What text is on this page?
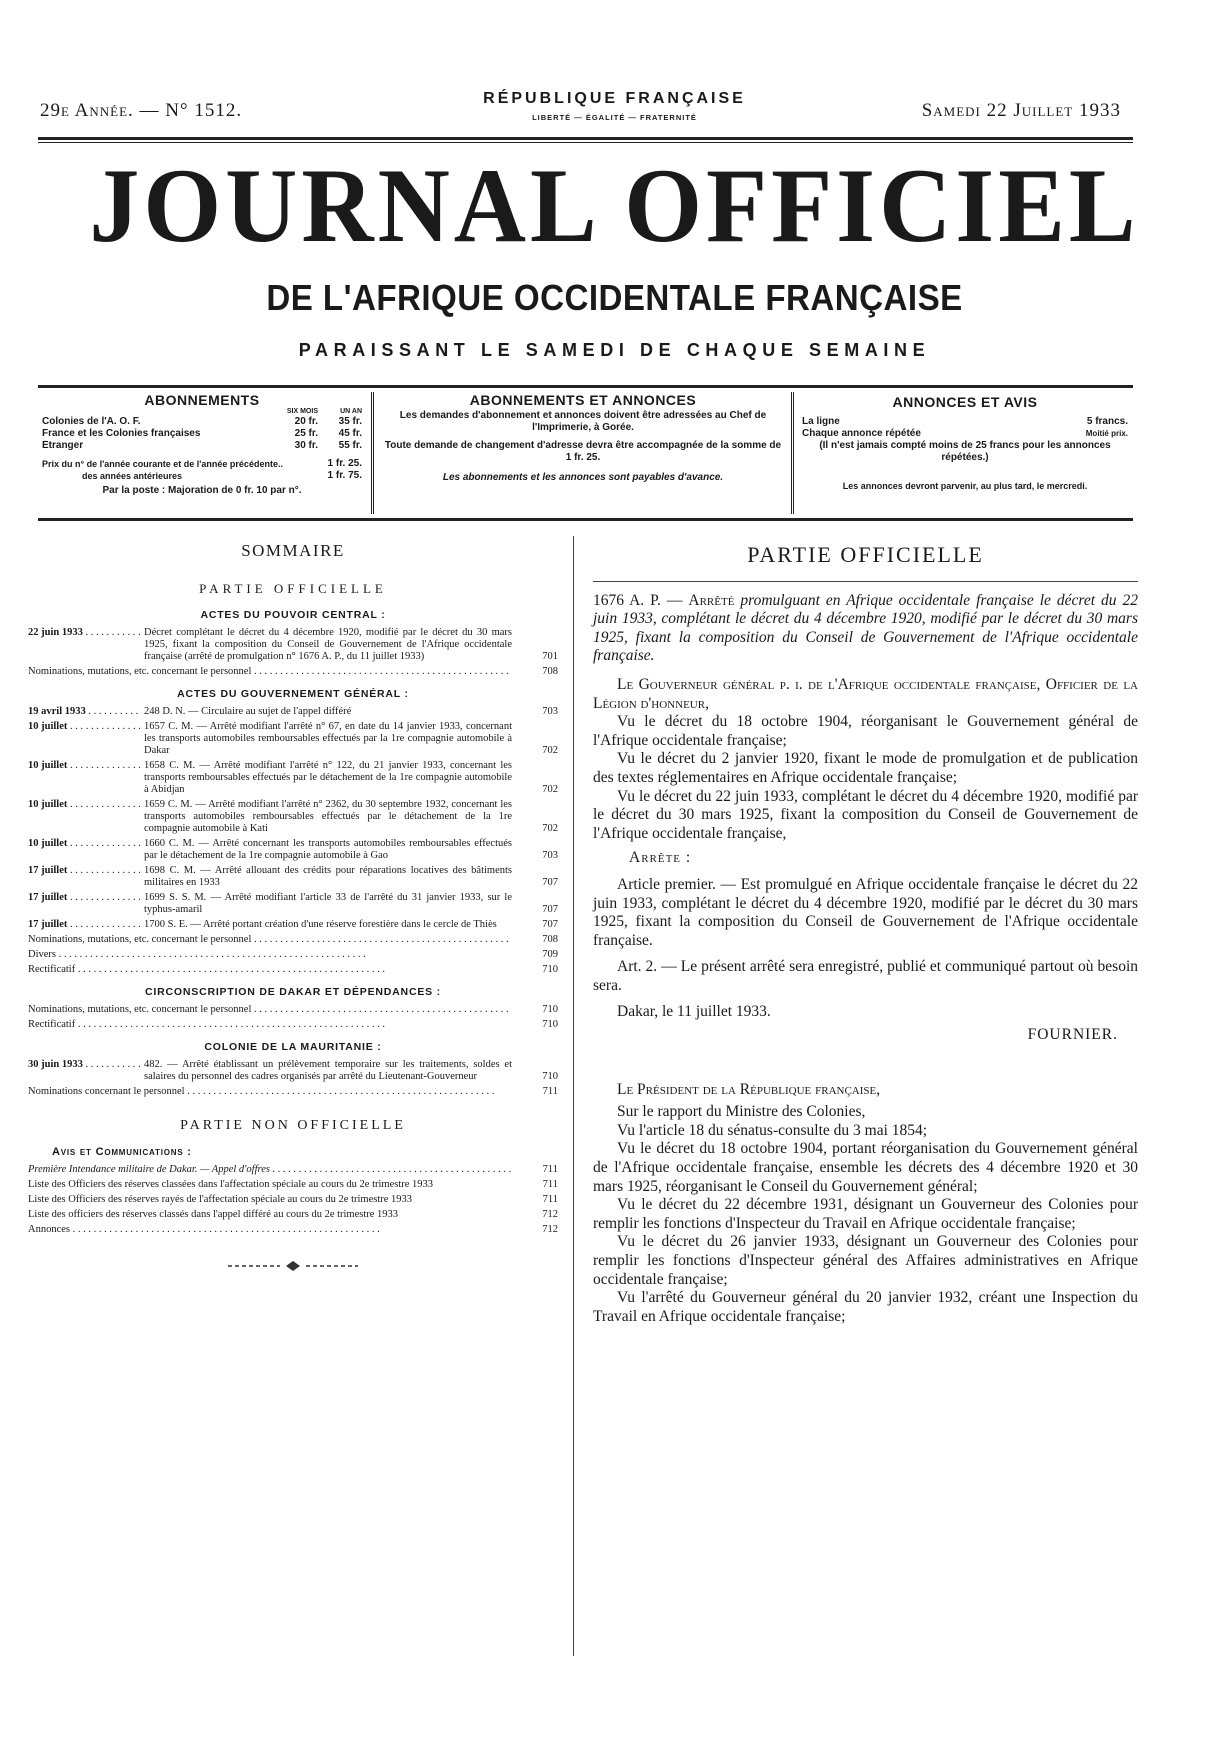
29e Année. — N° 1512.
RÉPUBLIQUE FRANÇAISE
LIBERTÉ — ÉGALITÉ — FRATERNITÉ	Samedi 22 Juillet 1933
JOURNAL OFFICIEL
DE L'AFRIQUE OCCIDENTALE FRANÇAISE
PARAISSANT LE SAMEDI DE CHAQUE SEMAINE
ABONNEMENTS
SIX MOIS	UN AN
Colonies de l'A. O. F.	20 fr.	35 fr.
France et les Colonies françaises	25 fr.	45 fr.
Étranger	30 fr.	55 fr.
Prix du n° de l'année courante et de l'année précédente..	1 fr. 25.
des années antérieures	1 fr. 75.
Par la poste : Majoration de 0 fr. 10 par n°.
ABONNEMENTS ET ANNONCES

Les demandes d'abonnement et annonces doivent être adressées au Chef de l'Imprimerie, à Gorée.

Toute demande de changement d'adresse devra être accompagnée de la somme de 1 fr. 25.

Les abonnements et les annonces sont payables d'avance.
ANNONCES ET AVIS
La ligne	5 francs.
Chaque annonce répétée	Moitié prix.
(Il n'est jamais compté moins de 25 francs pour les annonces répétées.)
Les annonces devront parvenir, au plus tard, le mercredi.
SOMMAIRE
PARTIE OFFICIELLE
ACTES DU POUVOIR CENTRAL :
22 juin 1933 . . .	Décret complétant le décret du 4 décembre 1920, modifié par le décret du 30 mars 1925, fixant la composition du Conseil de Gouvernement de l'Afrique occidentale française (arrêté de promulgation n° 1676 A. P., du 11 juillet 1933)	701
Nominations, mutations, etc. concernant le personnel . . .	708
ACTES DU GOUVERNEMENT GÉNÉRAL :
19 avril 1933 . . .	248 D. N. — Circulaire au sujet de l'appel différé	703
10 juillet . . .	1657 C. M. — Arrêté modifiant l'arrêté n° 67, en date du 14 janvier 1933, concernant les transports automobiles remboursables effectués par la 1re compagnie automobile à Dakar	702
10 juillet . . .	1658 C. M. — Arrêté modifiant l'arrêté n° 122, du 21 janvier 1933, concernant les transports remboursables effectués par le détachement de la 1re compagnie automobile à Abidjan	702
10 juillet . . .	1659 C. M. — Arrêté modifiant l'arrêté n° 2362, du 30 septembre 1932, concernant les transports automobiles remboursables effectués par le détachement de la 1re compagnie automobile à Kati	702
10 juillet . . .	1660 C. M. — Arrêté concernant les transports automobiles remboursables effectués par le détachement de la 1re compagnie automobile à Gao	703
17 juillet . . .	1698 C. M. — Arrêté allouant des crédits pour réparations locatives des bâtiments militaires en 1933	707
17 juillet . . .	1699 S. S. M. — Arrêté modifiant l'article 33 de l'arrêté du 31 janvier 1933, sur le typhus-amaril	707
17 juillet . . .	1700 S. E. — Arrêté portant création d'une réserve forestière dans le cercle de Thiès	707
Nominations, mutations, etc. concernant le personnel . . .	708
Divers . . .	709
Rectificatif . . .	710
CIRCONSCRIPTION DE DAKAR ET DÉPENDANCES :
Nominations, mutations, etc. concernant le personnel . . .	710
Rectificatif . . .	710
COLONIE DE LA MAURITANIE :
30 juin 1933 . . .	482. — Arrêté établissant un prélèvement temporaire sur les traitements, soldes et salaires du personnel des cadres organisés par arrêté du Lieutenant-Gouverneur	710
Nominations concernant le personnel . . .	711
PARTIE NON OFFICIELLE
Avis et Communications :
Première Intendance militaire de Dakar. — Appel d'offres . . .	711
Liste des Officiers des réserves classées dans l'affectation spéciale au cours du 2e trimestre 1933	711
Liste des Officiers des réserves rayés de l'affectation spéciale au cours du 2e trimestre 1933	711
Liste des officiers des réserves classés dans l'appel différé au cours du 2e trimestre 1933	712
Annonces . . .	712
PARTIE OFFICIELLE

1676 A. P. — Arrêté promulguant en Afrique occidentale française le décret du 22 juin 1933, complétant le décret du 4 décembre 1920, modifié par le décret du 30 mars 1925, fixant la composition du Conseil de Gouvernement de l'Afrique occidentale française.

Le Gouverneur général p. i. de l'Afrique occidentale française, Officier de la Légion d'honneur,

Vu le décret du 18 octobre 1904, réorganisant le Gouvernement général de l'Afrique occidentale française;

Vu le décret du 2 janvier 1920, fixant le mode de promulgation et de publication des textes réglementaires en Afrique occidentale française;

Vu le décret du 22 juin 1933, complétant le décret du 4 décembre 1920, modifié par le décret du 30 mars 1925, fixant la composition du Conseil de Gouvernement de l'Afrique occidentale française,

Arrête :

Article premier. — Est promulgué en Afrique occidentale française le décret du 22 juin 1933, complétant le décret du 4 décembre 1920, modifié par le décret du 30 mars 1925, fixant la composition du Conseil de Gouvernement de l'Afrique occidentale française.

Art. 2. — Le présent arrêté sera enregistré, publié et communiqué partout où besoin sera.

Dakar, le 11 juillet 1933.

FOURNIER.

Le Président de la République française,

Sur le rapport du Ministre des Colonies,

Vu l'article 18 du sénatus-consulte du 3 mai 1854;

Vu le décret du 18 octobre 1904, portant réorganisation du Gouvernement général de l'Afrique occidentale française, ensemble les décrets des 4 décembre 1920 et 30 mars 1925, réorganisant le Conseil du Gouvernement général;

Vu le décret du 22 décembre 1931, désignant un Gouverneur des Colonies pour remplir les fonctions d'Inspecteur du Travail en Afrique occidentale française;

Vu le décret du 26 janvier 1933, désignant un Gouverneur des Colonies pour remplir les fonctions d'Inspecteur général des Affaires administratives en Afrique occidentale française;

Vu l'arrêté du Gouverneur général du 20 janvier 1932, créant une Inspection du Travail en Afrique occidentale française;
